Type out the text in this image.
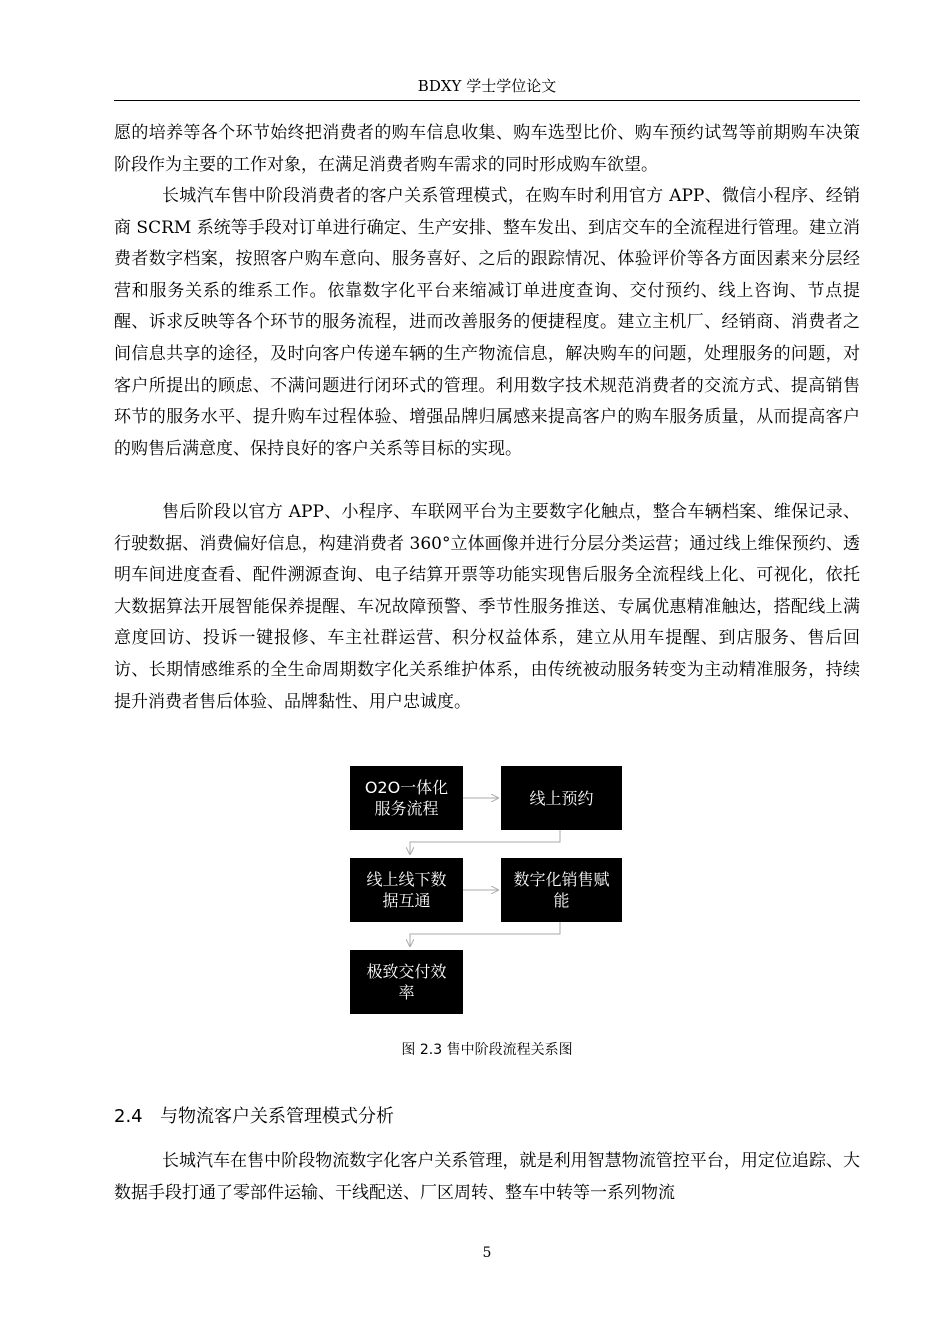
BDXY 学士学位论文

愿的培养等各个环节始终把消费者的购车信息收集、购车选型比价、购车预约试驾等前期购车决策阶段作为主要的工作对象，在满足消费者购车需求的同时形成购车欲望。

长城汽车售中阶段消费者的客户关系管理模式，在购车时利用官方 APP、微信小程序、经销商 SCRM 系统等手段对订单进行确定、生产安排、整车发出、到店交车的全流程进行管理。建立消费者数字档案，按照客户购车意向、服务喜好、之后的跟踪情况、体验评价等各方面因素来分层经营和服务关系的维系工作。依靠数字化平台来缩减订单进度查询、交付预约、线上咨询、节点提醒、诉求反映等各个环节的服务流程，进而改善服务的便捷程度。建立主机厂、经销商、消费者之间信息共享的途径，及时向客户传递车辆的生产物流信息，解决购车的问题，处理服务的问题，对客户所提出的顾虑、不满问题进行闭环式的管理。利用数字技术规范消费者的交流方式、提高销售环节的服务水平、提升购车过程体验、增强品牌归属感来提高客户的购车服务质量，从而提高客户的购售后满意度、保持良好的客户关系等目标的实现。

售后阶段以官方 APP、小程序、车联网平台为主要数字化触点，整合车辆档案、维保记录、行驶数据、消费偏好信息，构建消费者 360°立体画像并进行分层分类运营；通过线上维保预约、透明车间进度查看、配件溯源查询、电子结算开票等功能实现售后服务全流程线上化、可视化，依托大数据算法开展智能保养提醒、车况故障预警、季节性服务推送、专属优惠精准触达，搭配线上满意度回访、投诉一键报修、车主社群运营、积分权益体系，建立从用车提醒、到店服务、售后回访、长期情感维系的全生命周期数字化关系维护体系，由传统被动服务转变为主动精准服务，持续提升消费者售后体验、品牌黏性、用户忠诚度。

O2O一体化服务流程
线上预约
线上线下数据互通
数字化销售赋能
极致交付效率
图 2.3 售中阶段流程关系图
2.4 与物流客户关系管理模式分析

长城汽车在售中阶段物流数字化客户关系管理，就是利用智慧物流管控平台，用定位追踪、大数据手段打通了零部件运输、干线配送、厂区周转、整车中转等一系列物流

5
